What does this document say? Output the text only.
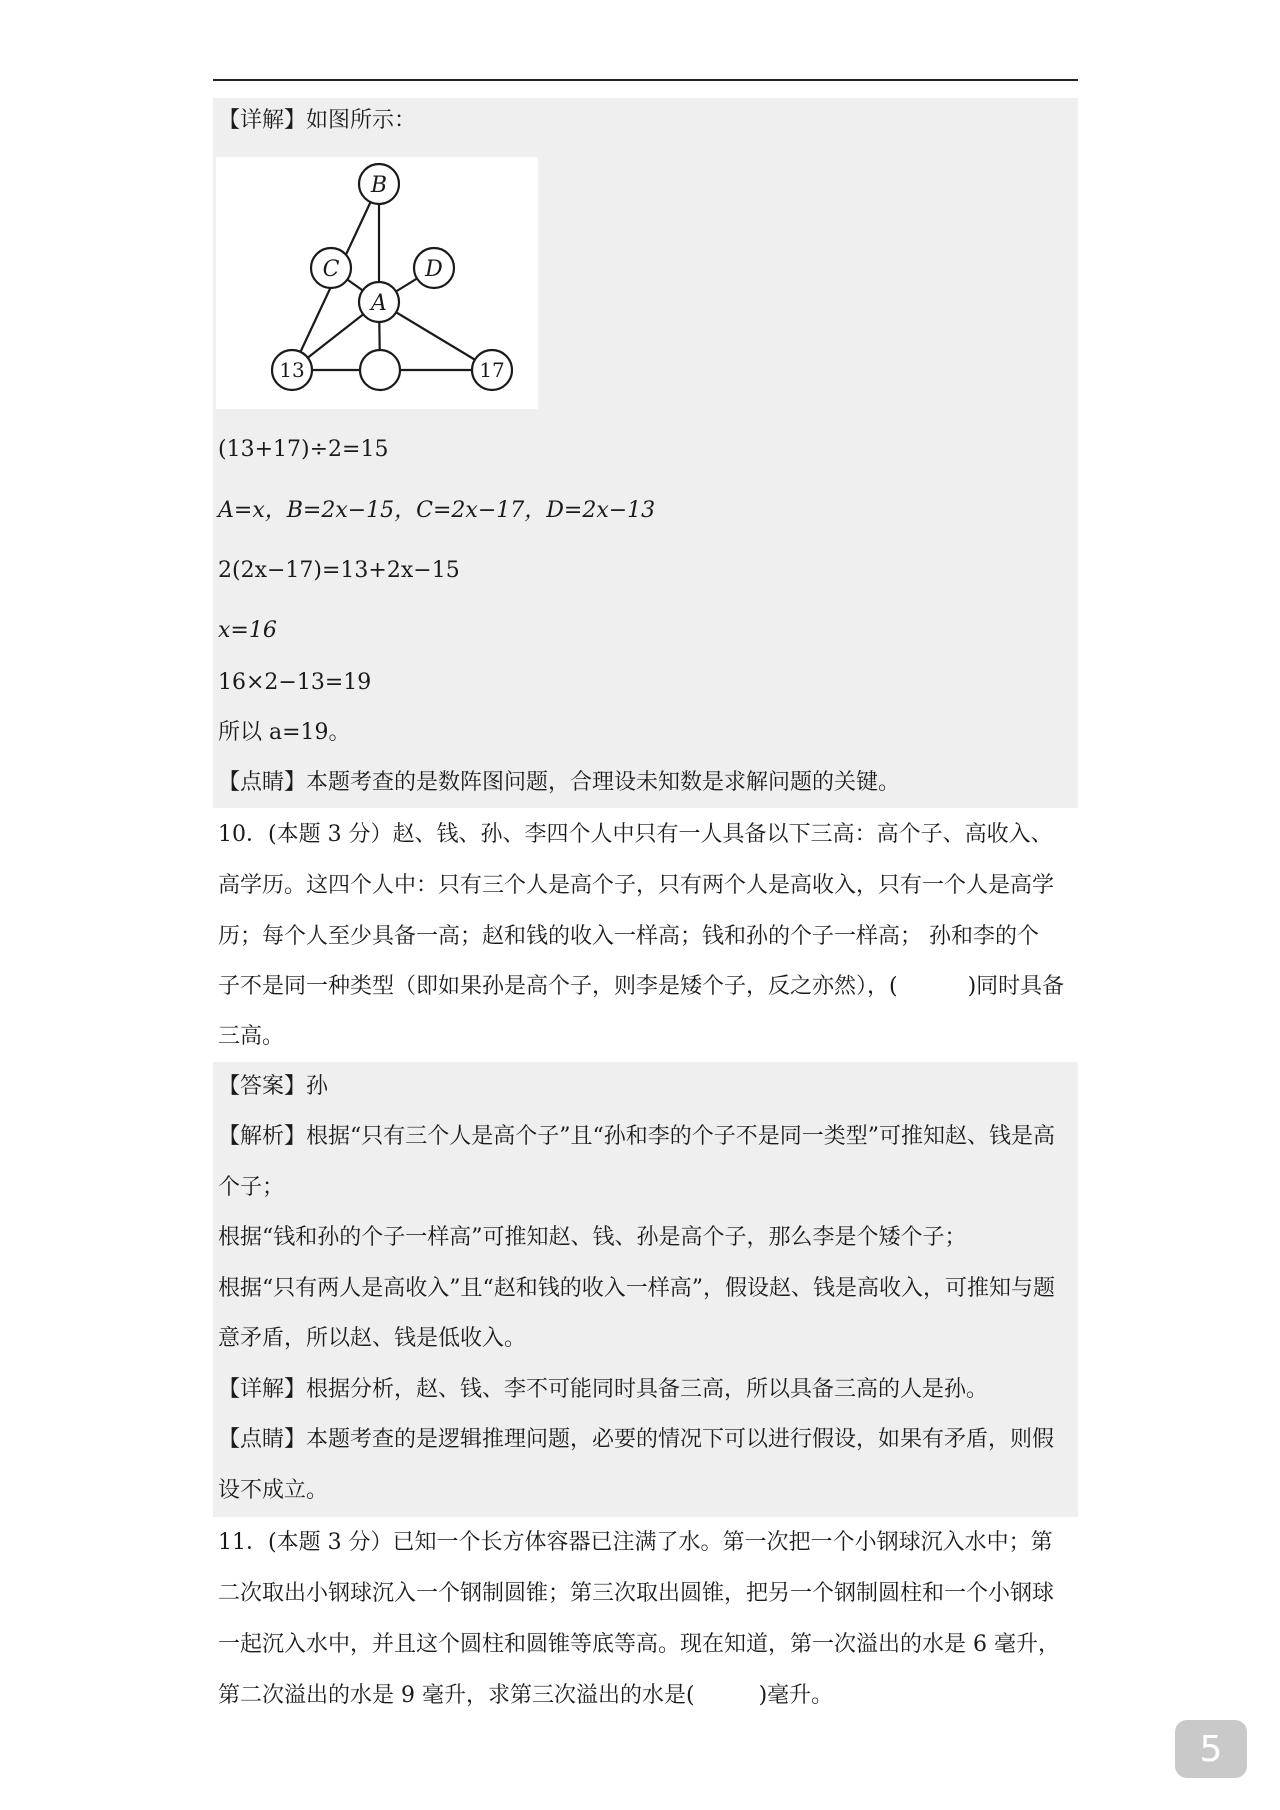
【详解】如图所示：
B
C	D
A
13	17
(13+17)÷2=15
A=x，B=2x−15，C=2x−17，D=2x−13
2(2x−17)=13+2x−15
x=16
16×2−13=19
所以 a=19。
【点睛】本题考查的是数阵图问题，合理设未知数是求解问题的关键。
10．(本题 3 分）赵、钱、孙、李四个人中只有一人具备以下三高：高个子、高收入、
高学历。这四个人中：只有三个人是高个子，只有两个人是高收入，只有一个人是高学
历；每个人至少具备一高；赵和钱的收入一样高；钱和孙的个子一样高； 孙和李的个
子不是同一种类型（即如果孙是高个子，则李是矮个子，反之亦然），(	)同时具备
三高。
【答案】孙
【解析】根据“只有三个人是高个子”且“孙和李的个子不是同一类型”可推知赵、钱是高
个子；
根据“钱和孙的个子一样高”可推知赵、钱、孙是高个子，那么李是个矮个子；
根据“只有两人是高收入”且“赵和钱的收入一样高”，假设赵、钱是高收入，可推知与题
意矛盾，所以赵、钱是低收入。
【详解】根据分析，赵、钱、李不可能同时具备三高，所以具备三高的人是孙。
【点睛】本题考查的是逻辑推理问题，必要的情况下可以进行假设，如果有矛盾，则假
设不成立。
11．(本题 3 分）已知一个长方体容器已注满了水。第一次把一个小钢球沉入水中；第
二次取出小钢球沉入一个钢制圆锥；第三次取出圆锥，把另一个钢制圆柱和一个小钢球
一起沉入水中，并且这个圆柱和圆锥等底等高。现在知道，第一次溢出的水是 6 毫升，
第二次溢出的水是 9 毫升，求第三次溢出的水是(	)毫升。
5
